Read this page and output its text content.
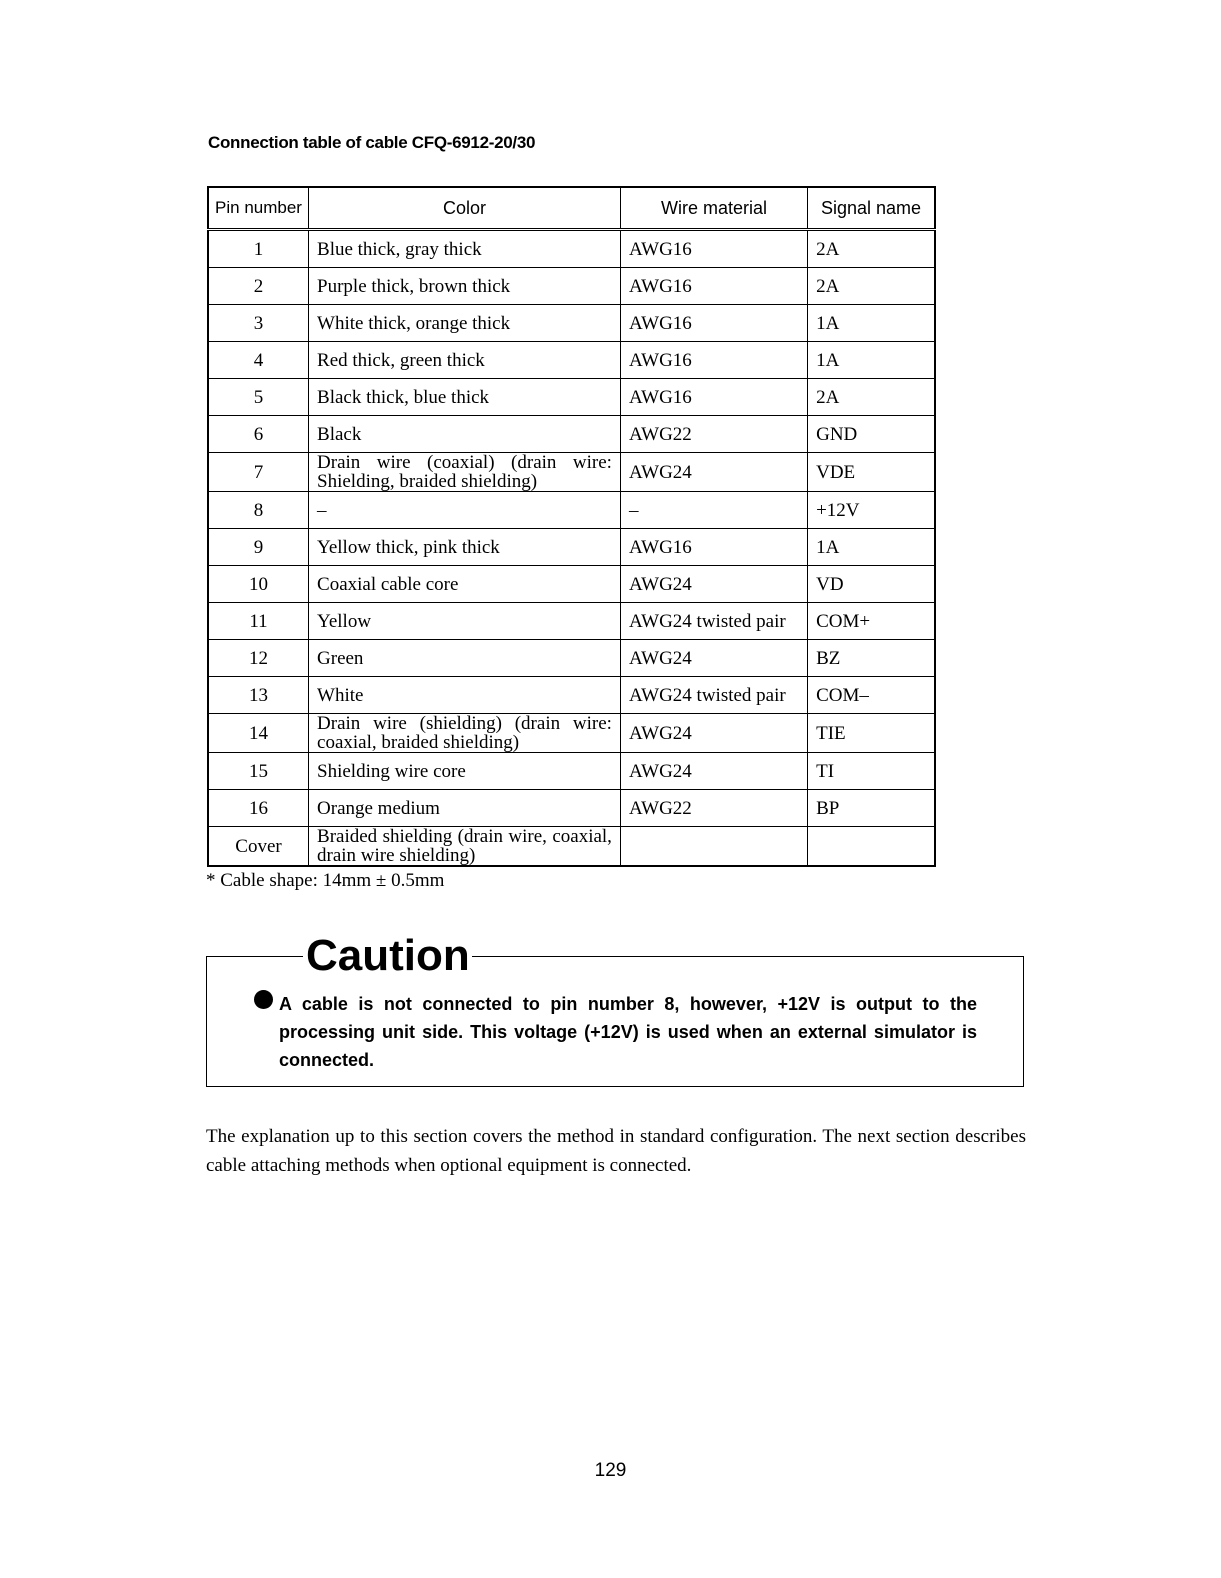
Connection table of cable CFQ-6912-20/30
Pin number	Color	Wire material	Signal name
1	Blue thick, gray thick	AWG16	2A
2	Purple thick, brown thick	AWG16	2A
3	White thick, orange thick	AWG16	1A
4	Red thick, green thick	AWG16	1A
5	Black thick, blue thick	AWG16	2A
6	Black	AWG22	GND
7	Drain wire (coaxial) (drain wire: Shielding, braided shielding)	AWG24	VDE
8	–	–	+12V
9	Yellow thick, pink thick	AWG16	1A
10	Coaxial cable core	AWG24	VD
11	Yellow	AWG24 twisted pair	COM+
12	Green	AWG24	BZ
13	White	AWG24 twisted pair	COM–
14	Drain wire (shielding) (drain wire: coaxial, braided shielding)	AWG24	TIE
15	Shielding wire core	AWG24	TI
16	Orange medium	AWG22	BP
Cover	Braided shielding (drain wire, coaxial, drain wire shielding)		
* Cable shape: 14mm ± 0.5mm
Caution
A cable is not connected to pin number 8, however, +12V is output to the processing unit side. This voltage (+12V) is used when an external simulator is connected.
The explanation up to this section covers the method in standard configuration. The next section describes cable attaching methods when optional equipment is connected.
129
